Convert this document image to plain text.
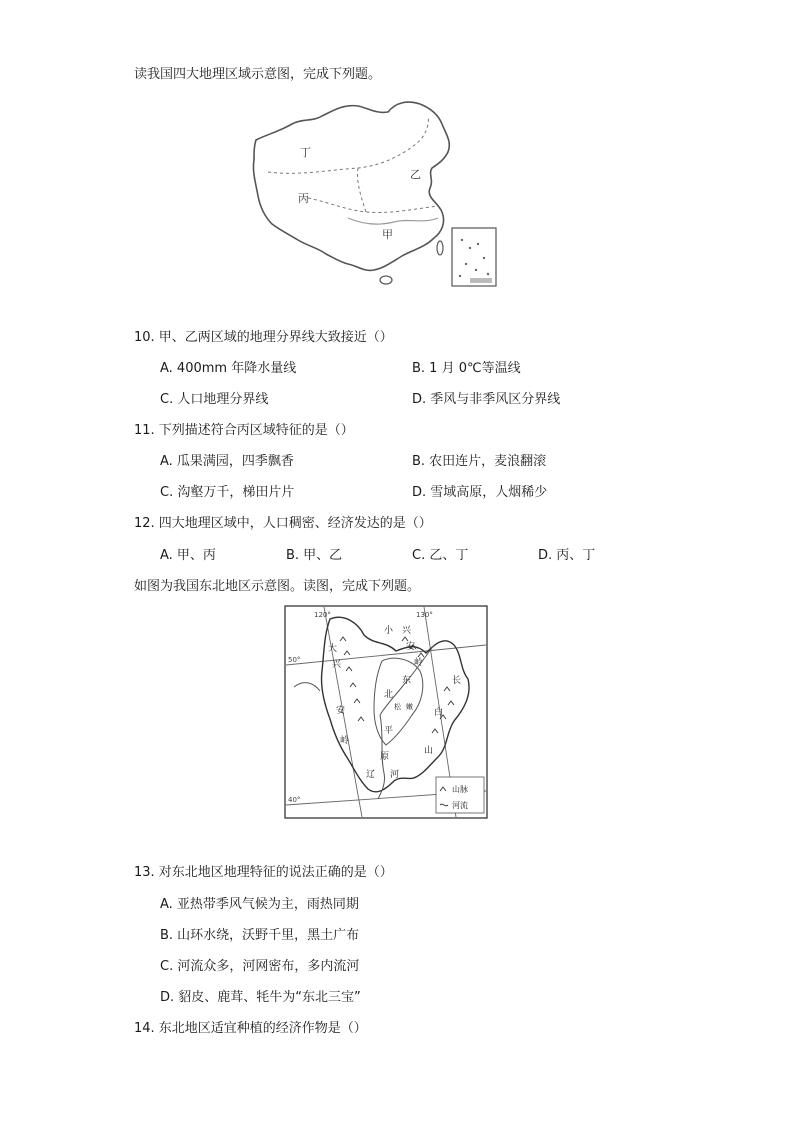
读我国四大地理区域示意图，完成下列题。
丁
乙
丙
甲
10. 甲、乙两区域的地理分界线大致接近（）
A. 400mm 年降水量线	B. 1 月 0℃等温线
C. 人口地理分界线	D. 季风与非季风区分界线
11. 下列描述符合丙区域特征的是（）
A. 瓜果满园，四季飘香	B. 农田连片，麦浪翻滚
C. 沟壑万千，梯田片片	D. 雪域高原，人烟稀少
12. 四大地理区域中，人口稠密、经济发达的是（）
A. 甲、丙	B. 甲、乙	C. 乙、丁	D. 丙、丁
如图为我国东北地区示意图。读图，完成下列题。
120°	130°
50°
40°
大
兴
安
岭
小 兴
安
岭
东
北
平
原
长
白
山
松 嫩
辽 河
山脉
河流
13. 对东北地区地理特征的说法正确的是（）
A. 亚热带季风气候为主，雨热同期
B. 山环水绕，沃野千里，黑土广布
C. 河流众多，河网密布，多内流河
D. 貂皮、鹿茸、牦牛为“东北三宝”
14. 东北地区适宜种植的经济作物是（）
